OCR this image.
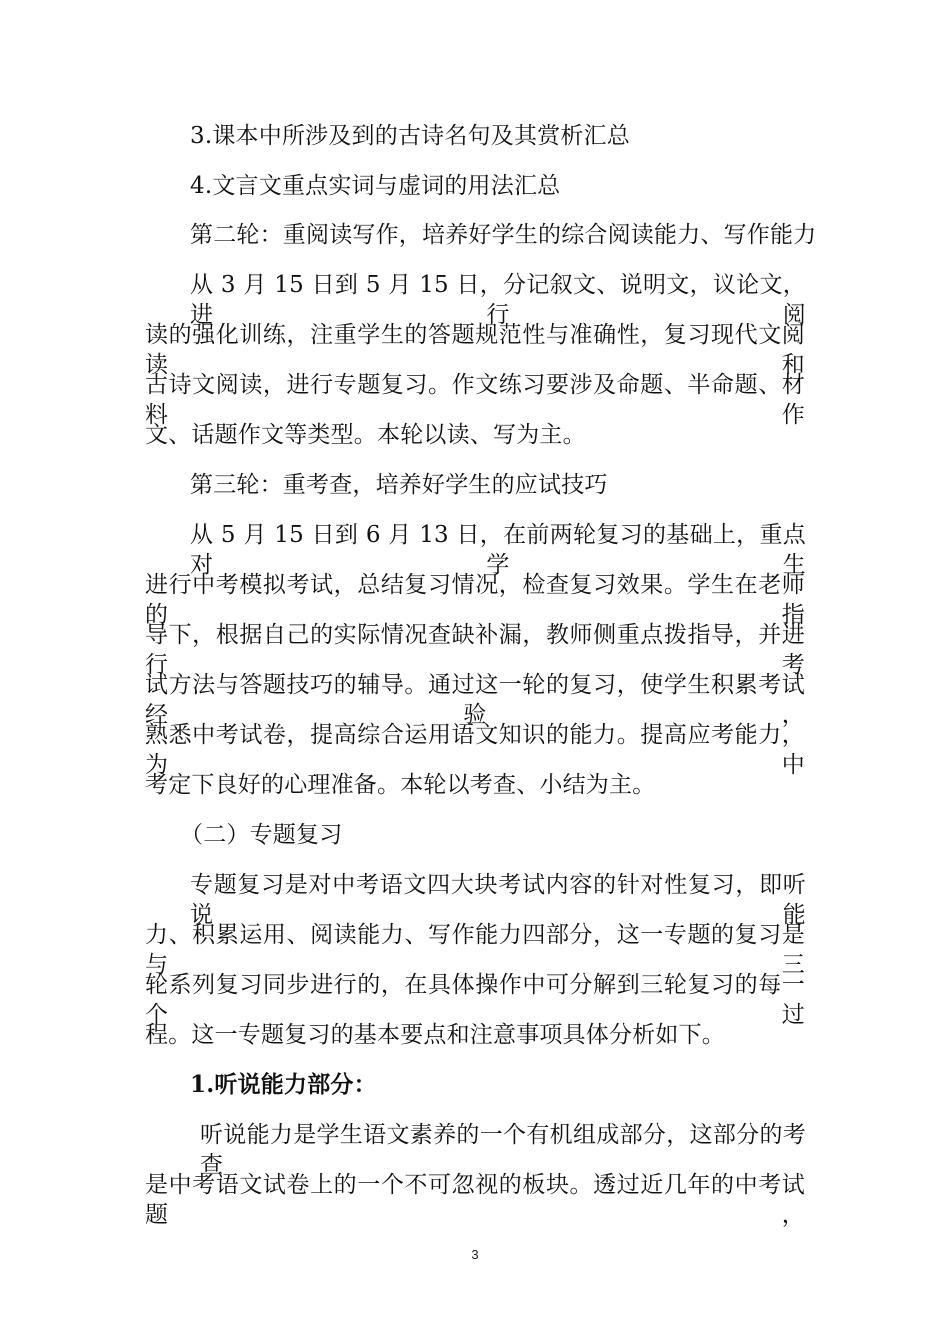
3.课本中所涉及到的古诗名句及其赏析汇总
4.文言文重点实词与虚词的用法汇总
第二轮：重阅读写作，培养好学生的综合阅读能力、写作能力
从 3 月 15 日到 5 月 15 日，分记叙文、说明文，议论文，进行阅
读的强化训练，注重学生的答题规范性与准确性，复习现代文阅读和
古诗文阅读，进行专题复习。作文练习要涉及命题、半命题、材料作
文、话题作文等类型。本轮以读、写为主。
第三轮：重考查，培养好学生的应试技巧
从 5 月 15 日到 6 月 13 日，在前两轮复习的基础上，重点对学生
进行中考模拟考试，总结复习情况，检查复习效果。学生在老师的指
导下，根据自己的实际情况查缺补漏，教师侧重点拨指导，并进行考
试方法与答题技巧的辅导。通过这一轮的复习，使学生积累考试经验，
熟悉中考试卷，提高综合运用语文知识的能力。提高应考能力，为中
考定下良好的心理准备。本轮以考查、小结为主。
（二）专题复习
专题复习是对中考语文四大块考试内容的针对性复习，即听说能
力、积累运用、阅读能力、写作能力四部分，这一专题的复习是与三
轮系列复习同步进行的，在具体操作中可分解到三轮复习的每一个过
程。这一专题复习的基本要点和注意事项具体分析如下。
1.听说能力部分：
听说能力是学生语文素养的一个有机组成部分，这部分的考查
是中考语文试卷上的一个不可忽视的板块。透过近几年的中考试题，
3
